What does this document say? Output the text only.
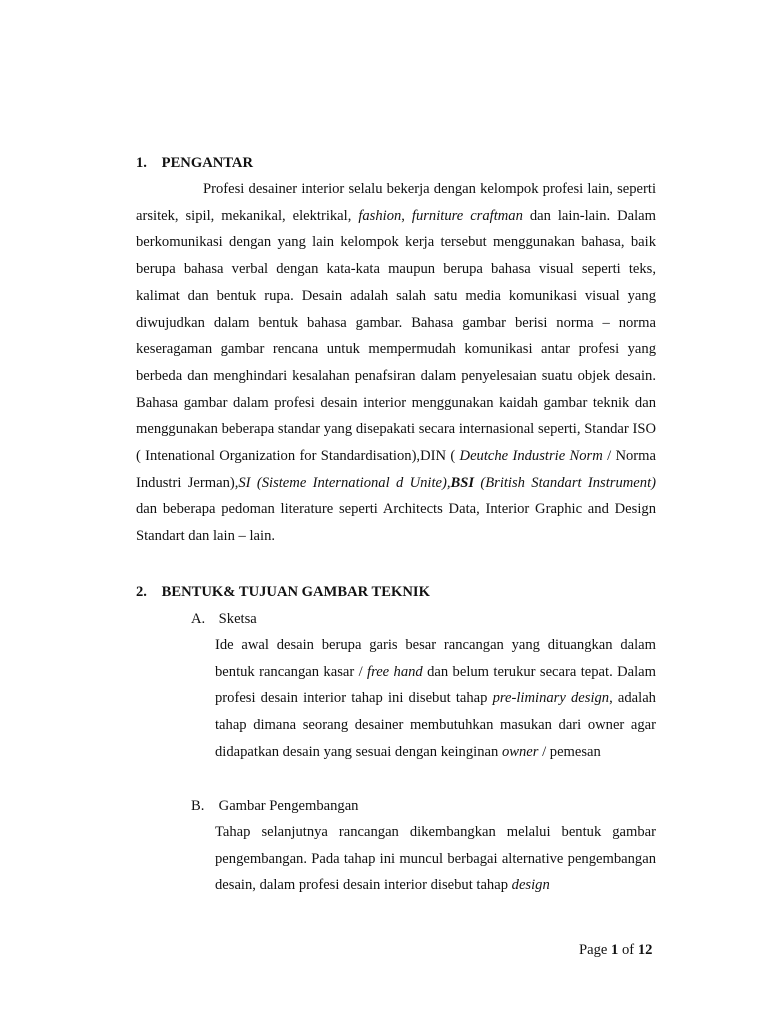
1. PENGANTAR

Profesi desainer interior selalu bekerja dengan kelompok profesi lain, seperti arsitek, sipil, mekanikal, elektrikal, fashion, furniture craftman dan lain-lain. Dalam berkomunikasi dengan yang lain kelompok kerja tersebut menggunakan bahasa, baik berupa bahasa verbal dengan kata-kata maupun berupa bahasa visual seperti teks, kalimat dan bentuk rupa. Desain adalah salah satu media komunikasi visual yang diwujudkan dalam bentuk bahasa gambar. Bahasa gambar berisi norma – norma keseragaman gambar rencana untuk mempermudah komunikasi antar profesi yang berbeda dan menghindari kesalahan penafsiran dalam penyelesaian suatu objek desain. Bahasa gambar dalam profesi desain interior menggunakan kaidah gambar teknik dan menggunakan beberapa standar yang disepakati secara internasional seperti, Standar ISO ( Intenational Organization for Standardisation),DIN ( Deutche Industrie Norm / Norma Industri Jerman),SI (Sisteme International d Unite),BSI (British Standart Instrument) dan beberapa pedoman literature seperti Architects Data, Interior Graphic and Design Standart dan lain – lain.

2. BENTUK& TUJUAN GAMBAR TEKNIK
A. Sketsa

Ide awal desain berupa garis besar rancangan yang dituangkan dalam bentuk rancangan kasar / free hand dan belum terukur secara tepat. Dalam profesi desain interior tahap ini disebut tahap pre-liminary design, adalah tahap dimana seorang desainer membutuhkan masukan dari owner agar didapatkan desain yang sesuai dengan keinginan owner / pemesan

B. Gambar Pengembangan

Tahap selanjutnya rancangan dikembangkan melalui bentuk gambar pengembangan. Pada tahap ini muncul berbagai alternative pengembangan desain, dalam profesi desain interior disebut tahap design

Page 1 of 12
